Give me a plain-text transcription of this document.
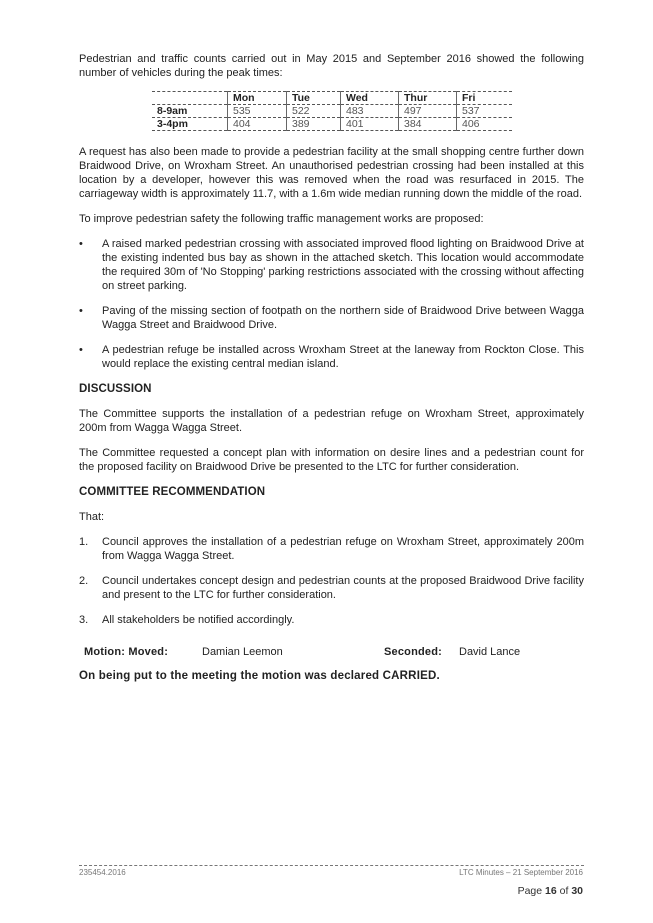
Pedestrian and traffic counts carried out in May 2015 and September 2016 showed the following number of vehicles during the peak times:

	Mon	Tue	Wed	Thur	Fri
8-9am	535	522	483	497	537
3-4pm	404	389	401	384	406

A request has also been made to provide a pedestrian facility at the small shopping centre further down Braidwood Drive, on Wroxham Street. An unauthorised pedestrian crossing had been installed at this location by a developer, however this was removed when the road was resurfaced in 2015. The carriageway width is approximately 11.7, with a 1.6m wide median running down the middle of the road.

To improve pedestrian safety the following traffic management works are proposed:

• A raised marked pedestrian crossing with associated improved flood lighting on Braidwood Drive at the existing indented bus bay as shown in the attached sketch. This location would accommodate the required 30m of 'No Stopping' parking restrictions associated with the crossing without affecting on street parking.
• Paving of the missing section of footpath on the northern side of Braidwood Drive between Wagga Wagga Street and Braidwood Drive.
• A pedestrian refuge be installed across Wroxham Street at the laneway from Rockton Close. This would replace the existing central median island.
DISCUSSION

The Committee supports the installation of a pedestrian refuge on Wroxham Street, approximately 200m from Wagga Wagga Street.

The Committee requested a concept plan with information on desire lines and a pedestrian count for the proposed facility on Braidwood Drive be presented to the LTC for further consideration.

COMMITTEE RECOMMENDATION

That:

1. Council approves the installation of a pedestrian refuge on Wroxham Street, approximately 200m from Wagga Wagga Street.
2. Council undertakes concept design and pedestrian counts at the proposed Braidwood Drive facility and present to the LTC for further consideration.
3. All stakeholders be notified accordingly.
Motion: Moved:	Damian Leemon	Seconded:	David Lance
On being put to the meeting the motion was declared CARRIED.
235454.2016	LTC Minutes – 21 September 2016
Page 16 of 30
